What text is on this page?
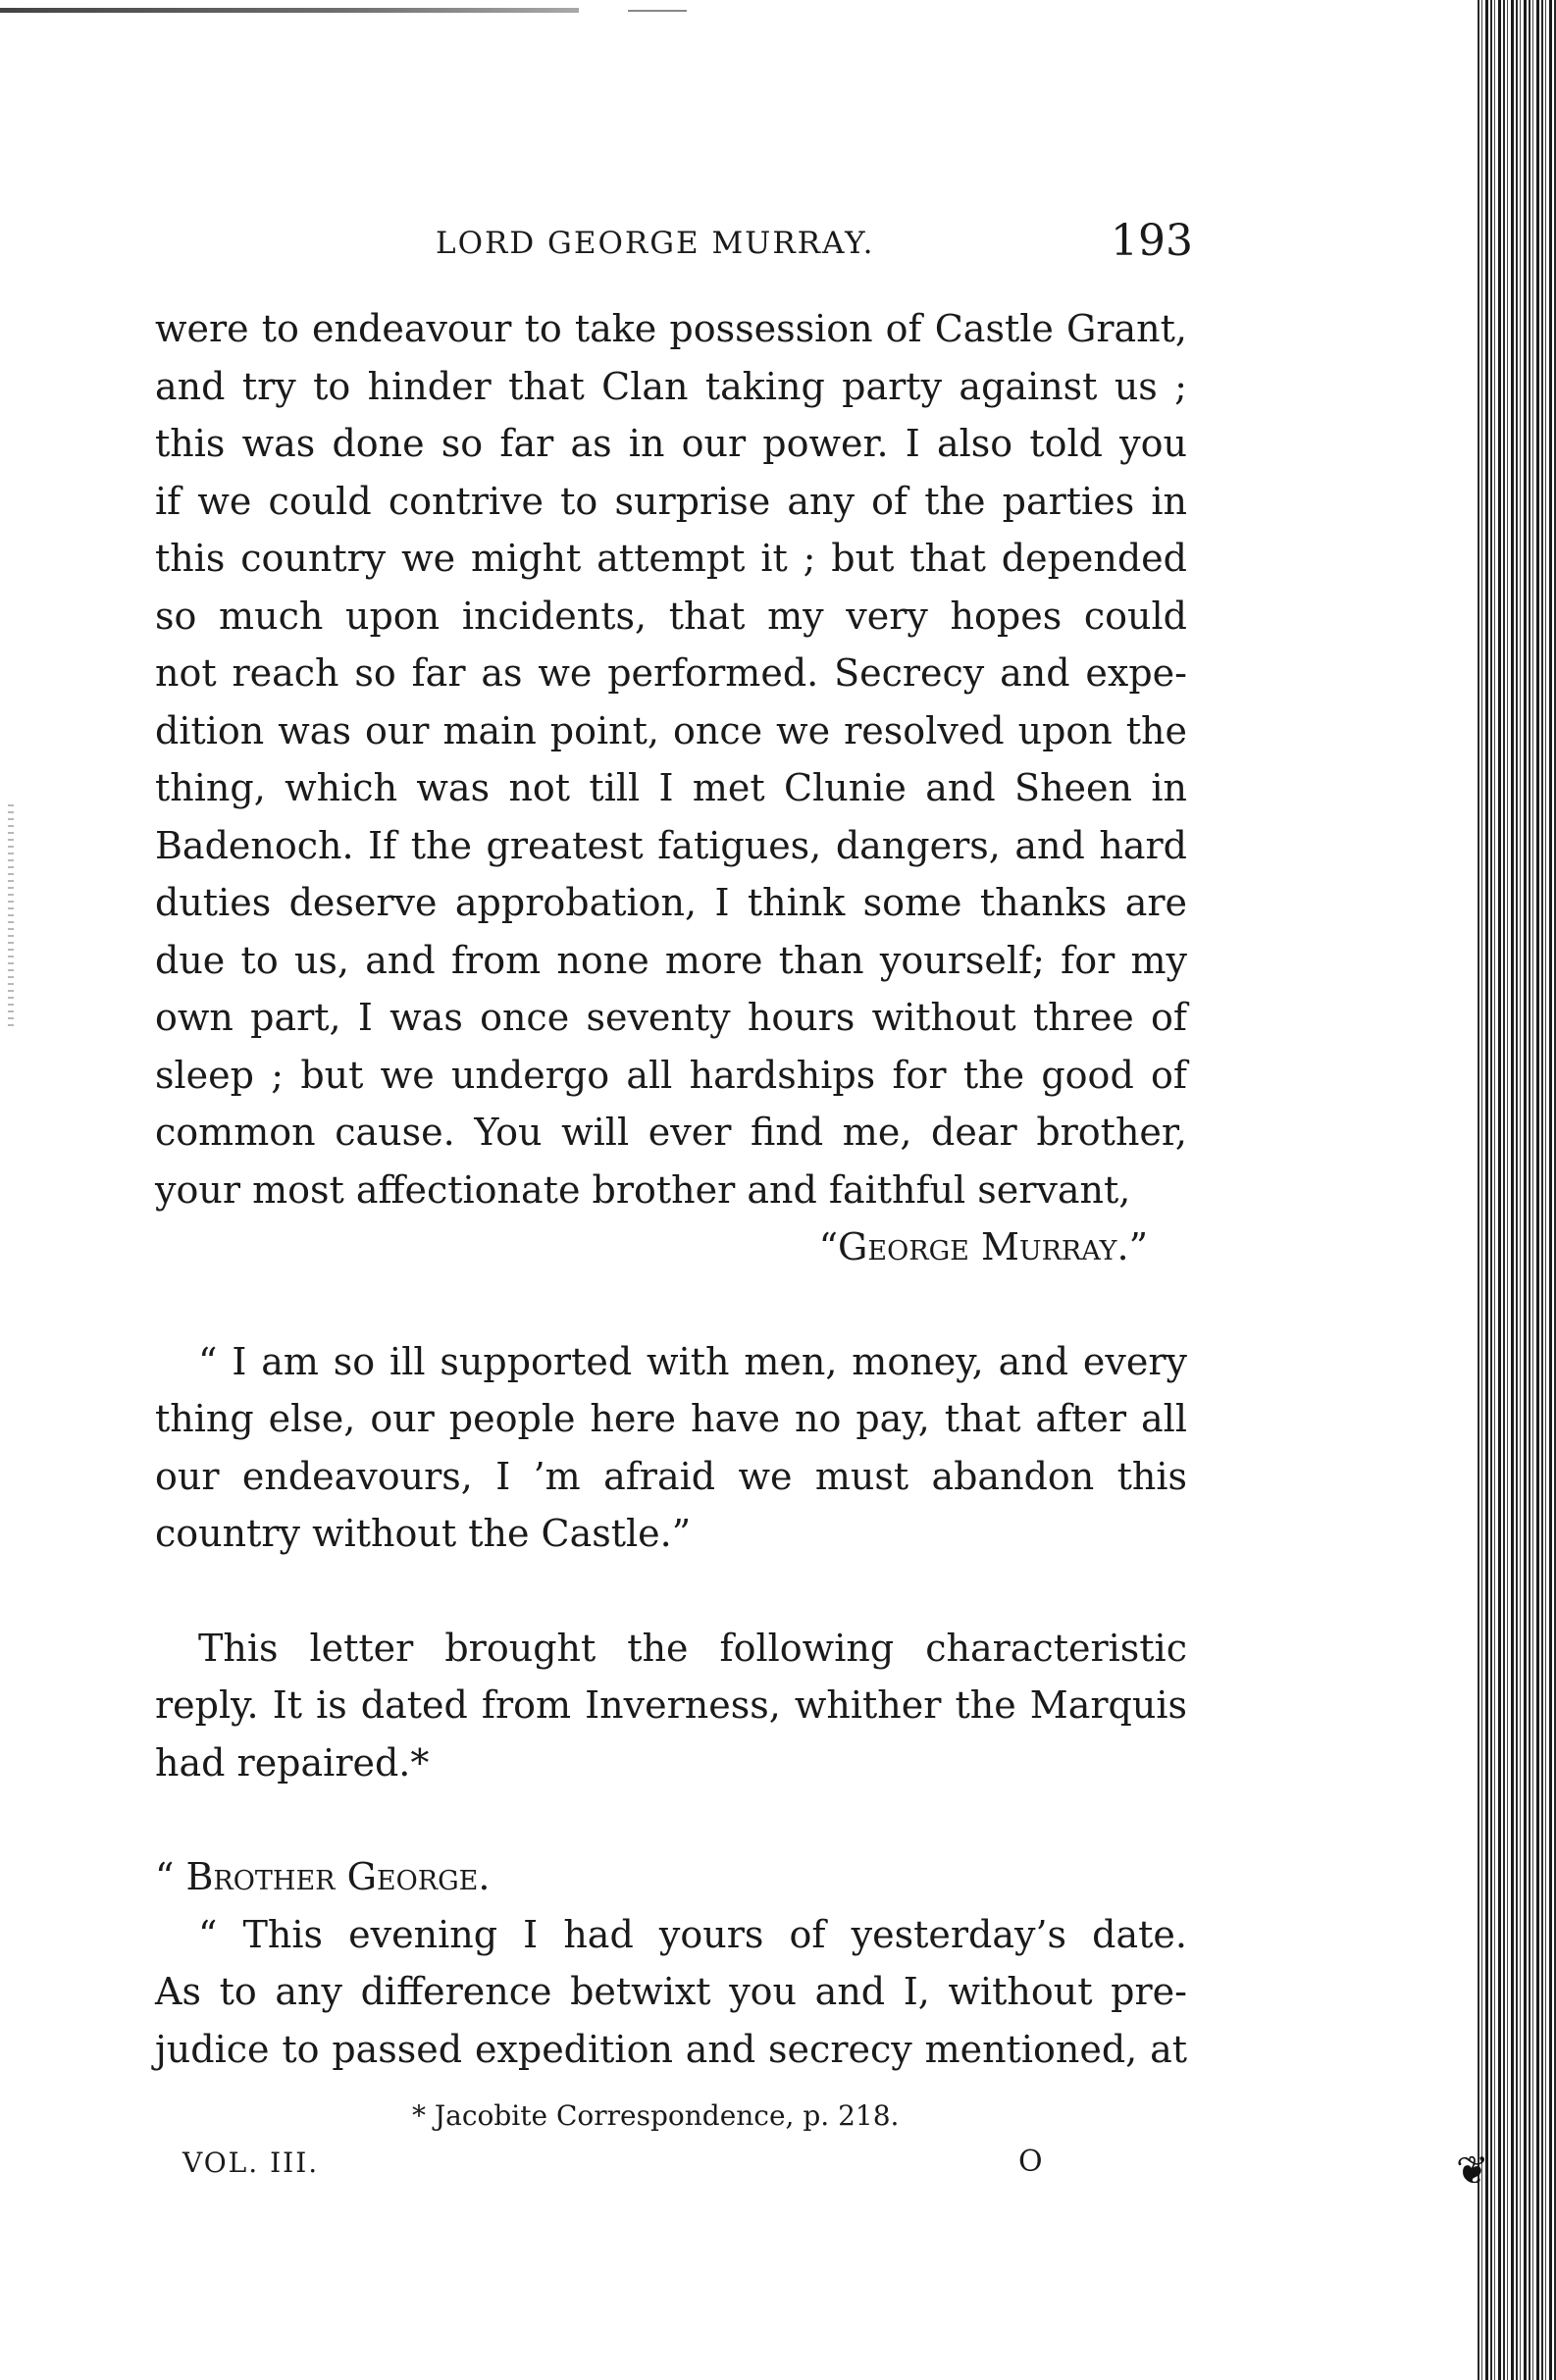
❦
LORD GEORGE MURRAY.	193
were to endeavour to take possession of Castle Grant,
and try to hinder that Clan taking party against us ;
this was done so far as in our power. I also told you
if we could contrive to surprise any of the parties in
this country we might attempt it ; but that depended
so much upon incidents, that my very hopes could
not reach so far as we performed. Secrecy and expe-
dition was our main point, once we resolved upon the
thing, which was not till I met Clunie and Sheen in
Badenoch. If the greatest fatigues, dangers, and hard
duties deserve approbation, I think some thanks are
due to us, and from none more than yourself; for my
own part, I was once seventy hours without three of
sleep ; but we undergo all hardships for the good of
common cause. You will ever find me, dear brother,
your most affectionate brother and faithful servant,
“George Murray.”
“ I am so ill supported with men, money, and every
thing else, our people here have no pay, that after all
our endeavours, I ’m afraid we must abandon this
country without the Castle.”
This letter brought the following characteristic
reply. It is dated from Inverness, whither the Marquis
had repaired.*
“ Brother George.
“ This evening I had yours of yesterday’s date.
As to any difference betwixt you and I, without pre-
judice to passed expedition and secrecy mentioned, at
* Jacobite Correspondence, p. 218.
VOL. III.	O
